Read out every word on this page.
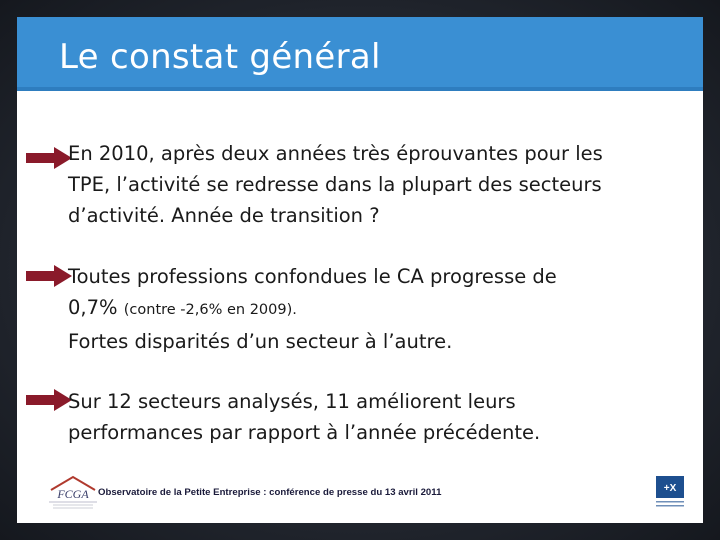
Le constat général
En 2010, après deux années très éprouvantes pour les
TPE, l’activité se redresse dans la plupart des secteurs
d’activité. Année de transition ?
Toutes professions confondues le CA progresse de
0,7% (contre -2,6% en 2009).
Fortes disparités d’un secteur à l’autre.
Sur 12 secteurs analysés, 11 améliorent leurs
performances par rapport à l’année précédente.
FCGA Observatoire de la Petite Entreprise : conférence de presse du 13 avril 2011	+X
